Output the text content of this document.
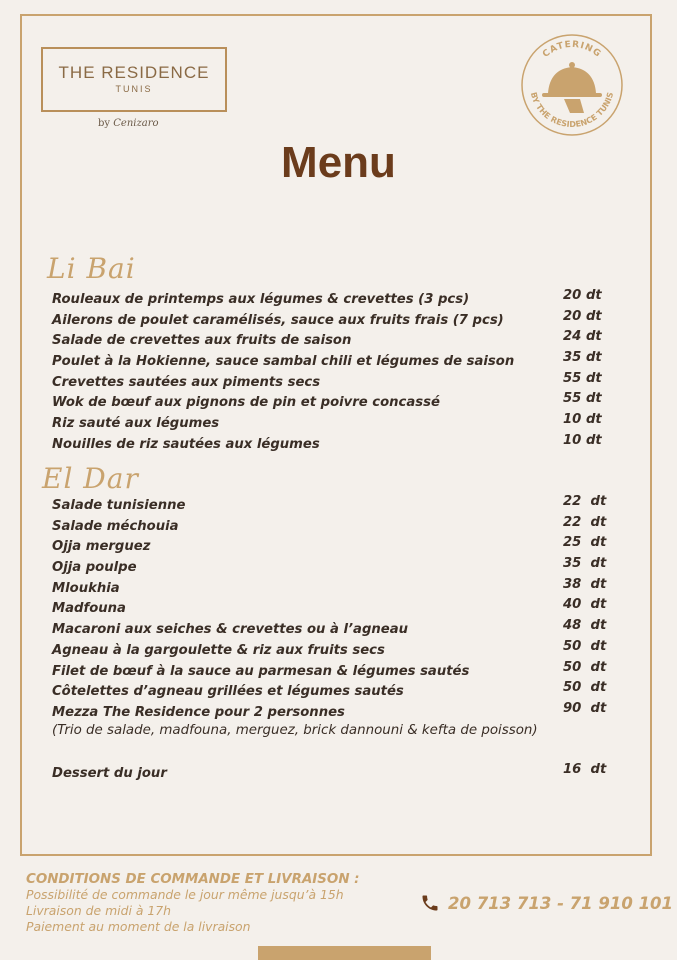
THE RESIDENCE
TUNIS
by Cenizaro
CATERING
BY THE RESIDENCE TUNIS
Menu
Li Bai
Rouleaux de printemps aux légumes & crevettes (3 pcs)	20 dt
Ailerons de poulet caramélisés, sauce aux fruits frais (7 pcs)	20 dt
Salade de crevettes aux fruits de saison	24 dt
Poulet à la Hokienne, sauce sambal chili et légumes de saison	35 dt
Crevettes sautées aux piments secs	55 dt
Wok de bœuf aux pignons de pin et poivre concassé	55 dt
Riz sauté aux légumes	10 dt
Nouilles de riz sautées aux légumes	10 dt
El Dar
Salade tunisienne	22  dt
Salade méchouia	22  dt
Ojja merguez	25  dt
Ojja poulpe	35  dt
Mloukhia	38  dt
Madfouna	40  dt
Macaroni aux seiches & crevettes ou à l’agneau	48  dt
Agneau à la gargoulette & riz aux fruits secs	50  dt
Filet de bœuf à la sauce au parmesan & légumes sautés	50  dt
Côtelettes d’agneau grillées et légumes sautés	50  dt
Mezza The Residence pour 2 personnes	90  dt
(Trio de salade, madfouna, merguez, brick dannouni & kefta de poisson)
Dessert du jour	16  dt
CONDITIONS DE COMMANDE ET LIVRAISON :
Possibilité de commande le jour même jusqu’à 15h
Livraison de midi à 17h
Paiement au moment de la livraison
20 713 713 - 71 910 101
